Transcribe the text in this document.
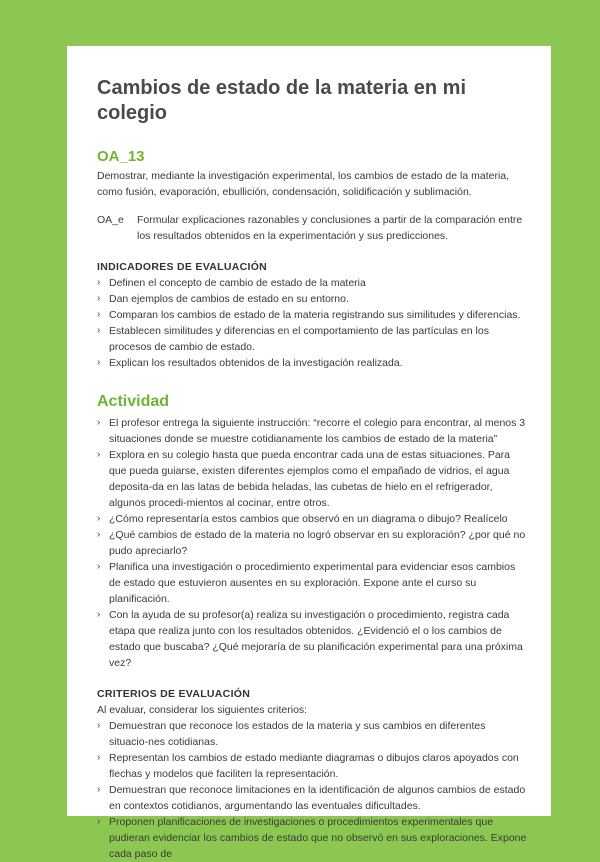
Cambios de estado de la materia en mi colegio
OA_13

Demostrar, mediante la investigación experimental, los cambios de estado de la materia, como fusión, evaporación, ebullición, condensación, solidificación y sublimación.

OA_e	Formular explicaciones razonables y conclusiones a partir de la comparación entre los resultados obtenidos en la experimentación y sus predicciones.
INDICADORES DE EVALUACIÓN
› Definen el concepto de cambio de estado de la materia
› Dan ejemplos de cambios de estado en su entorno.
› Comparan los cambios de estado de la materia registrando sus similitudes y diferencias.
› Establecen similitudes y diferencias en el comportamiento de las partículas en los procesos de cambio de estado.
› Explican los resultados obtenidos de la investigación realizada.
Actividad
› El profesor entrega la siguiente instrucción: “recorre el colegio para encontrar, al menos 3 situaciones donde se muestre cotidianamente los cambios de estado de la materia”
› Explora en su colegio hasta que pueda encontrar cada una de estas situaciones. Para que pueda guiarse, existen diferentes ejemplos como el empañado de vidrios, el agua deposita-da en las latas de bebida heladas, las cubetas de hielo en el refrigerador, algunos procedi-mientos al cocinar, entre otros.
› ¿Cómo representaría estos cambios que observó en un diagrama o dibujo? Realícelo
› ¿Qué cambios de estado de la materia no logró observar en su exploración? ¿por qué no pudo apreciarlo?
› Planifica una investigación o procedimiento experimental para evidenciar esos cambios de estado que estuvieron ausentes en su exploración. Expone ante el curso su planificación.
› Con la ayuda de su profesor(a) realiza su investigación o procedimiento, registra cada etapa que realiza junto con los resultados obtenidos. ¿Evidenció el o los cambios de estado que buscaba? ¿Qué mejoraría de su planificación experimental para una próxima vez?
CRITERIOS DE EVALUACIÓN

Al evaluar, considerar los siguientes criterios:

› Demuestran que reconoce los estados de la materia y sus cambios en diferentes situacio-nes cotidianas.
› Representan los cambios de estado mediante diagramas o dibujos claros apoyados con flechas y modelos que faciliten la representación.
› Demuestran que reconoce limitaciones en la identificación de algunos cambios de estado en contextos cotidianos, argumentando las eventuales dificultades.
› Proponen planificaciones de investigaciones o procedimientos experimentales que pudieran evidenciar los cambios de estado que no observó en sus exploraciones. Expone cada paso de
